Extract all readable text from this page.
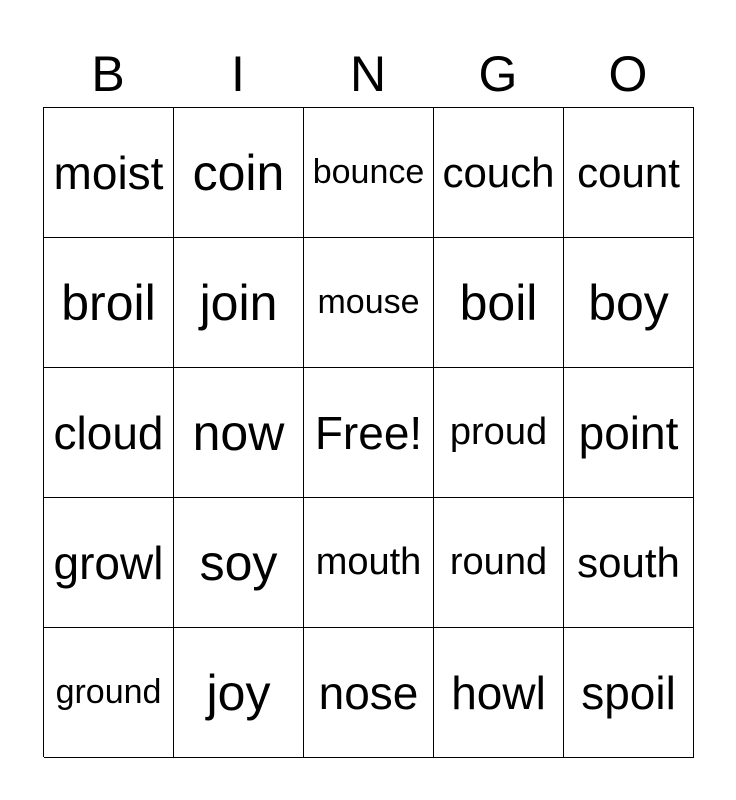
B	I	N	G	O
moist coin bounce couch count
broil join mouse boil boy
cloud now Free! proud point
growl soy mouth round south
ground joy nose howl spoil
